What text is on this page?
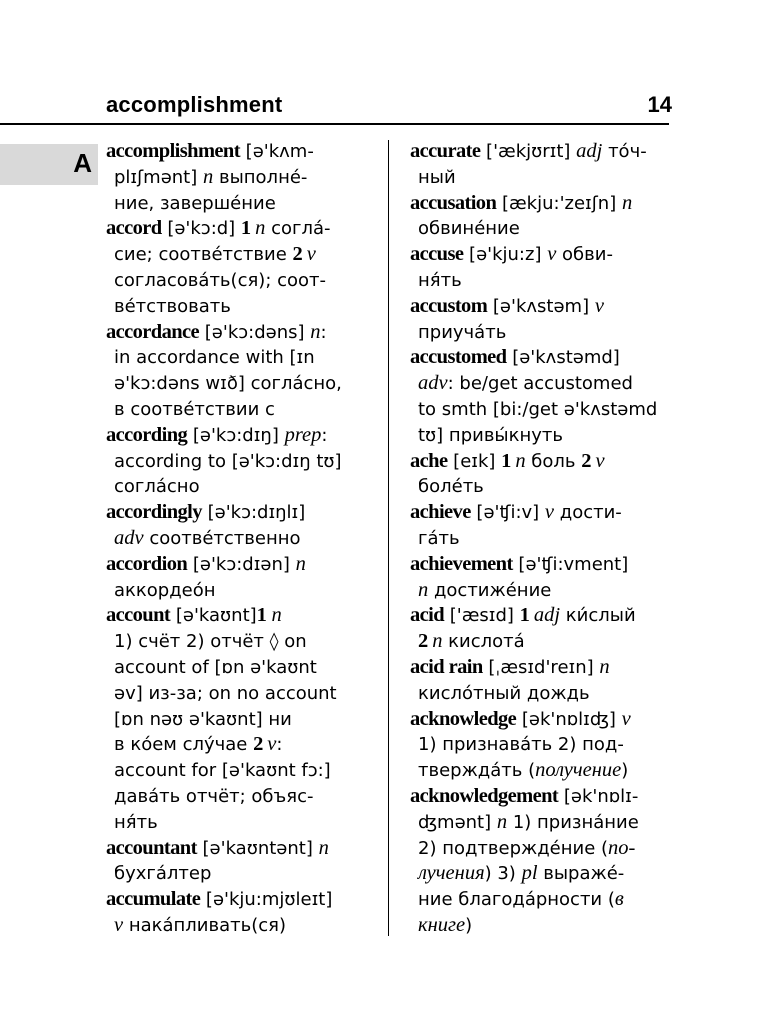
accomplishment	14
A accomplishment [ə'kʌm-
plɪʃmənt] n выполне́-
ние, заверше́ние
accord [ə'kɔ:d] 1 n согла́-
сие; соотве́тствие 2 v
согласова́ть(ся); соот-
ве́тствовать
accordance [ə'kɔ:dəns] n:
in accordance with [ɪn
ə'kɔ:dəns wɪð] согла́сно,
в соотве́тствии с
according [ə'kɔ:dɪŋ] prep:
according to [ə'kɔ:dɪŋ tʊ]
согла́сно
accordingly [ə'kɔ:dɪŋlɪ]
adv соотве́тственно
accordion [ə'kɔ:dɪən] n
аккордео́н
account [ə'kaʊnt]1 n
1) счёт 2) отчёт ◊ on
account of [ɒn ə'kaʊnt
əv] из-за; on no account
[ɒn nəʊ ə'kaʊnt] ни
в ко́ем слу́чае 2 v:
account for [ə'kaʊnt fɔ:]
дава́ть отчёт; объяс-
ня́ть
accountant [ə'kaʊntənt] n
бухга́лтер
accumulate [ə'kju:mjʊleɪt]
v нака́пливать(ся)
accurate ['ækjʊrɪt] adj то́ч-
ный
accusation [ækju:'zeɪʃn] n
обвине́ние
accuse [ə'kju:z] v обви-
ня́ть
accustom [ə'kʌstəm] v
приуча́ть
accustomed [ə'kʌstəmd]
adv: be/get accustomed
to smth [bi:/get ə'kʌstəmd
tʊ] привы́кнуть
ache [eɪk] 1 n боль 2 v
боле́ть
achieve [ə'ʧi:v] v дости-
га́ть
achievement [ə'ʧi:vment]
n достиже́ние
acid ['æsɪd] 1 adj ки́слый
2 n кислота́
acid rain [ˌæsɪd'reɪn] n
кисло́тный дождь
acknowledge [ək'nɒlɪʤ] v
1) признава́ть 2) под-
твержда́ть (получение)
acknowledgement [ək'nɒlɪ-
ʤmənt] n 1) призна́ние
2) подтвержде́ние (по-
лучения) 3) pl выраже́-
ние благода́рности (в
книге)
